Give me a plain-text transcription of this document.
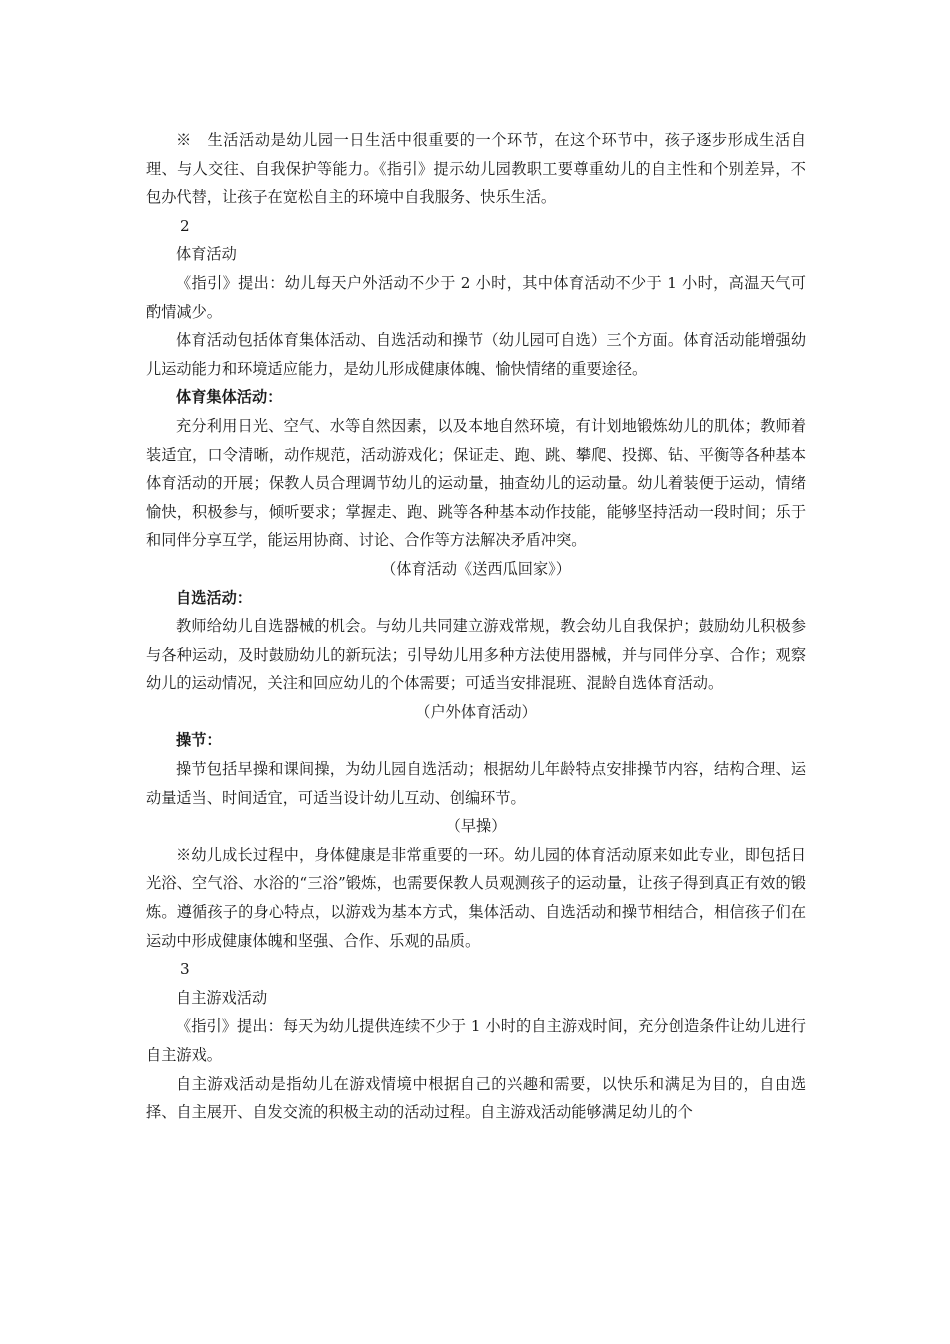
※　生活活动是幼儿园一日生活中很重要的一个环节，在这个环节中，孩子逐步形成生活自理、与人交往、自我保护等能力。《指引》提示幼儿园教职工要尊重幼儿的自主性和个别差异，不包办代替，让孩子在宽松自主的环境中自我服务、快乐生活。

2
体育活动

《指引》提出：幼儿每天户外活动不少于 2 小时，其中体育活动不少于 1 小时，高温天气可酌情减少。

体育活动包括体育集体活动、自选活动和操节（幼儿园可自选）三个方面。体育活动能增强幼儿运动能力和环境适应能力，是幼儿形成健康体魄、愉快情绪的重要途径。

体育集体活动：

充分利用日光、空气、水等自然因素，以及本地自然环境，有计划地锻炼幼儿的肌体；教师着装适宜，口令清晰，动作规范，活动游戏化；保证走、跑、跳、攀爬、投掷、钻、平衡等各种基本体育活动的开展；保教人员合理调节幼儿的运动量，抽查幼儿的运动量。幼儿着装便于运动，情绪愉快，积极参与，倾听要求；掌握走、跑、跳等各种基本动作技能，能够坚持活动一段时间；乐于和同伴分享互学，能运用协商、讨论、合作等方法解决矛盾冲突。

（体育活动《送西瓜回家》）

自选活动：

教师给幼儿自选器械的机会。与幼儿共同建立游戏常规，教会幼儿自我保护；鼓励幼儿积极参与各种运动，及时鼓励幼儿的新玩法；引导幼儿用多种方法使用器械，并与同伴分享、合作；观察幼儿的运动情况，关注和回应幼儿的个体需要；可适当安排混班、混龄自选体育活动。

（户外体育活动）

操节：

操节包括早操和课间操，为幼儿园自选活动；根据幼儿年龄特点安排操节内容，结构合理、运动量适当、时间适宜，可适当设计幼儿互动、创编环节。

（早操）

※幼儿成长过程中，身体健康是非常重要的一环。幼儿园的体育活动原来如此专业，即包括日光浴、空气浴、水浴的“三浴”锻炼，也需要保教人员观测孩子的运动量，让孩子得到真正有效的锻炼。遵循孩子的身心特点，以游戏为基本方式，集体活动、自选活动和操节相结合，相信孩子们在运动中形成健康体魄和坚强、合作、乐观的品质。

3
自主游戏活动

《指引》提出：每天为幼儿提供连续不少于 1 小时的自主游戏时间，充分创造条件让幼儿进行自主游戏。

自主游戏活动是指幼儿在游戏情境中根据自己的兴趣和需要，以快乐和满足为目的，自由选择、自主展开、自发交流的积极主动的活动过程。自主游戏活动能够满足幼儿的个
